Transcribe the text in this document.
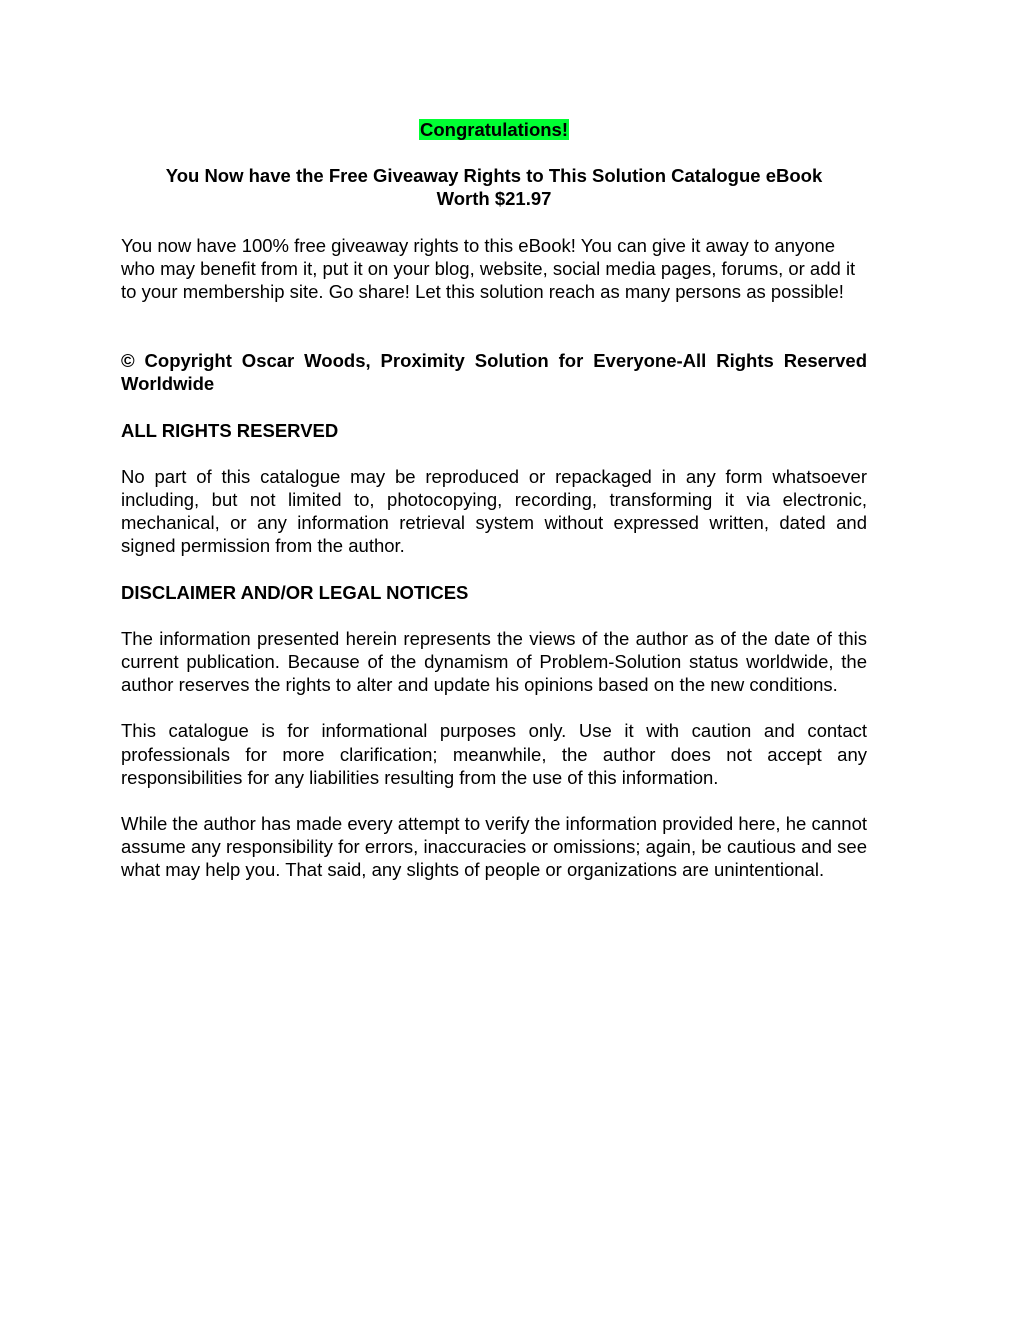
Congratulations!
You Now have the Free Giveaway Rights to This Solution Catalogue eBook
Worth $21.97

You now have 100% free giveaway rights to this eBook! You can give it away to anyone who may benefit from it, put it on your blog, website, social media pages, forums, or add it to your membership site. Go share! Let this solution reach as many persons as possible!

© Copyright Oscar Woods, Proximity Solution for Everyone-All Rights Reserved Worldwide

ALL RIGHTS RESERVED

No part of this catalogue may be reproduced or repackaged in any form whatsoever including, but not limited to, photocopying, recording, transforming it via electronic, mechanical, or any information retrieval system without expressed written, dated and signed permission from the author.

DISCLAIMER AND/OR LEGAL NOTICES

The information presented herein represents the views of the author as of the date of this current publication. Because of the dynamism of Problem-Solution status worldwide, the author reserves the rights to alter and update his opinions based on the new conditions.

This catalogue is for informational purposes only. Use it with caution and contact professionals for more clarification; meanwhile, the author does not accept any responsibilities for any liabilities resulting from the use of this information.

While the author has made every attempt to verify the information provided here, he cannot assume any responsibility for errors, inaccuracies or omissions; again, be cautious and see what may help you. That said, any slights of people or organizations are unintentional.
